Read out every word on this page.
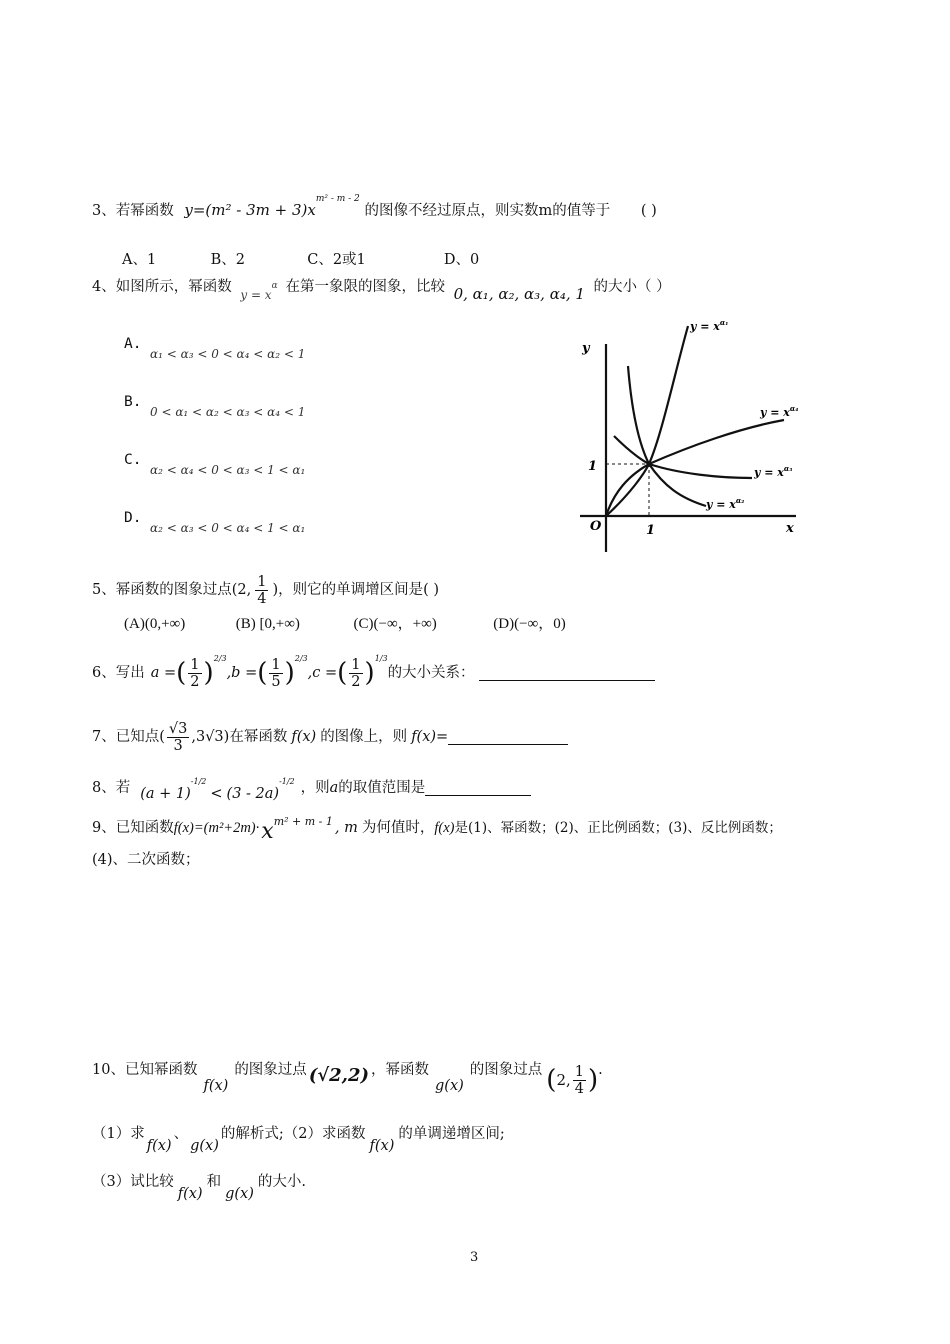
3、若幂函数 $y=(m^2 - 3m + 3)x^{m^2 - m - 2}$ 的图像不经过原点，则实数m的值等于 ( )
A、1	B、2	C、2或1	D、0
4、如图所示，幂函数 $_{y = x^\alpha}$ 在第一象限的图象，比较 0, α₁, α₂, α₃, α₄, 1 的大小（ ）
A.
α₁ < α₃ < 0 < α₄ < α₂ < 1
B.
0 < α₁ < α₂ < α₃ < α₄ < 1
C.
α₂ < α₄ < 0 < α₃ < 1 < α₁
D.
α₂ < α₃ < 0 < α₄ < 1 < α₁
y
x
O	1
1
$y = x^{\alpha_1}$
$y = x^{\alpha_4}$
$y = x^{\alpha_3}$
$y = x^{\alpha_2}$
5、幂函数的图象过点(2, $\frac{1}{4}$ )，则它的单调增区间是( )
(A)(0,+∞)	(B) [0,+∞)	(C)(−∞，+∞)	(D)(−∞，0)
6、写出 a = ( $\frac{1}{2} )^{2/3}$
,b = ( $\frac{1}{5} )^{2/3}$
,c = ( $\frac{1}{2} )^{1/3}$
的大小关系：
7、已知点( $\frac{√3}{3} ,3√3$) 在幂函数 f(x) 的图像上，则 f(x) =
8、若 (a + 1)
$^{-1/2}$
< (3 - 2a)
$^{-1/2}$ ，则 a 的取值范围是
9、已知函数 $f(x) =(m^2+2m)\cdot x^{m^2 + m - 1}$ , m 为何值时， f(x) 是(1)、幂函数；(2)、正比例函数；(3)、反比例函数；
(4)、二次函数；
10、已知幂函数
f(x)
的图象过点 (√2,2) ，幂函数
g(x)
的图象过点 ( 2, $\frac{1}{4}$ ) .
（1）求
f(x)
、
g(x)
的解析式;（2）求函数
f(x)
的单调递增区间;
（3）试比较
f(x)
和
g(x)
的大小.
3
